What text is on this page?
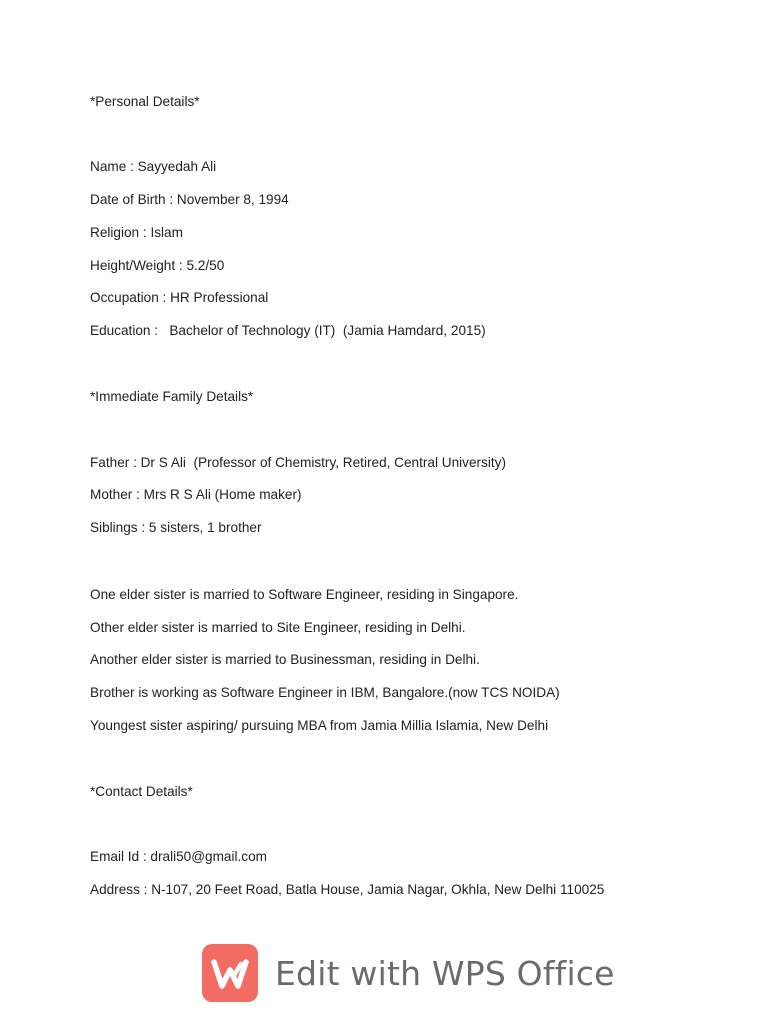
*Personal Details*
Name : Sayyedah Ali
Date of Birth : November 8, 1994
Religion : Islam
Height/Weight : 5.2/50
Occupation : HR Professional
Education :   Bachelor of Technology (IT)  (Jamia Hamdard, 2015)
*Immediate Family Details*
Father : Dr S Ali  (Professor of Chemistry, Retired, Central University)
Mother : Mrs R S Ali (Home maker)
Siblings : 5 sisters, 1 brother
One elder sister is married to Software Engineer, residing in Singapore.
Other elder sister is married to Site Engineer, residing in Delhi.
Another elder sister is married to Businessman, residing in Delhi.
Brother is working as Software Engineer in IBM, Bangalore.(now TCS NOIDA)
Youngest sister aspiring/ pursuing MBA from Jamia Millia Islamia, New Delhi
*Contact Details*
Email Id : drali50@gmail.com
Address : N-107, 20 Feet Road, Batla House, Jamia Nagar, Okhla, New Delhi 110025
Edit with WPS Office
